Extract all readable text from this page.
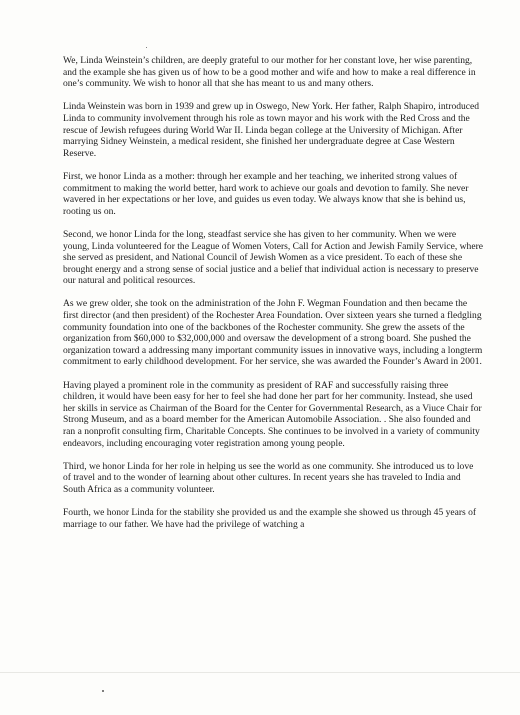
We, Linda Weinstein’s children, are deeply grateful to our mother for her constant love, her wise parenting, and the example she has given us of how to be a good mother and wife and how to make a real difference in one’s community. We wish to honor all that she has meant to us and many others.

Linda Weinstein was born in 1939 and grew up in Oswego, New York. Her father, Ralph Shapiro, introduced Linda to community involvement through his role as town mayor and his work with the Red Cross and the rescue of Jewish refugees during World War II. Linda began college at the University of Michigan. After marrying Sidney Weinstein, a medical resident, she finished her undergraduate degree at Case Western Reserve.

First, we honor Linda as a mother: through her example and her teaching, we inherited strong values of commitment to making the world better, hard work to achieve our goals and devotion to family. She never wavered in her expectations or her love, and guides us even today. We always know that she is behind us, rooting us on.

Second, we honor Linda for the long, steadfast service she has given to her community. When we were young, Linda volunteered for the League of Women Voters, Call for Action and Jewish Family Service, where she served as president, and National Council of Jewish Women as a vice president. To each of these she brought energy and a strong sense of social justice and a belief that individual action is necessary to preserve our natural and political resources.

As we grew older, she took on the administration of the John F. Wegman Foundation and then became the first director (and then president) of the Rochester Area Foundation. Over sixteen years she turned a fledgling community foundation into one of the backbones of the Rochester community. She grew the assets of the organization from $60,000 to $32,000,000 and oversaw the development of a strong board. She pushed the organization toward a addressing many important community issues in innovative ways, including a longterm commitment to early childhood development. For her service, she was awarded the Founder’s Award in 2001.

Having played a prominent role in the community as president of RAF and successfully raising three children, it would have been easy for her to feel she had done her part for her community. Instead, she used her skills in service as Chairman of the Board for the Center for Governmental Research, as a Viuce Chair for Strong Museum, and as a board member for the American Automobile Association. . She also founded and ran a nonprofit consulting firm, Charitable Concepts. She continues to be involved in a variety of community endeavors, including encouraging voter registration among young people.

Third, we honor Linda for her role in helping us see the world as one community. She introduced us to love of travel and to the wonder of learning about other cultures. In recent years she has traveled to India and South Africa as a community volunteer.

Fourth, we honor Linda for the stability she provided us and the example she showed us through 45 years of marriage to our father. We have had the privilege of watching a
